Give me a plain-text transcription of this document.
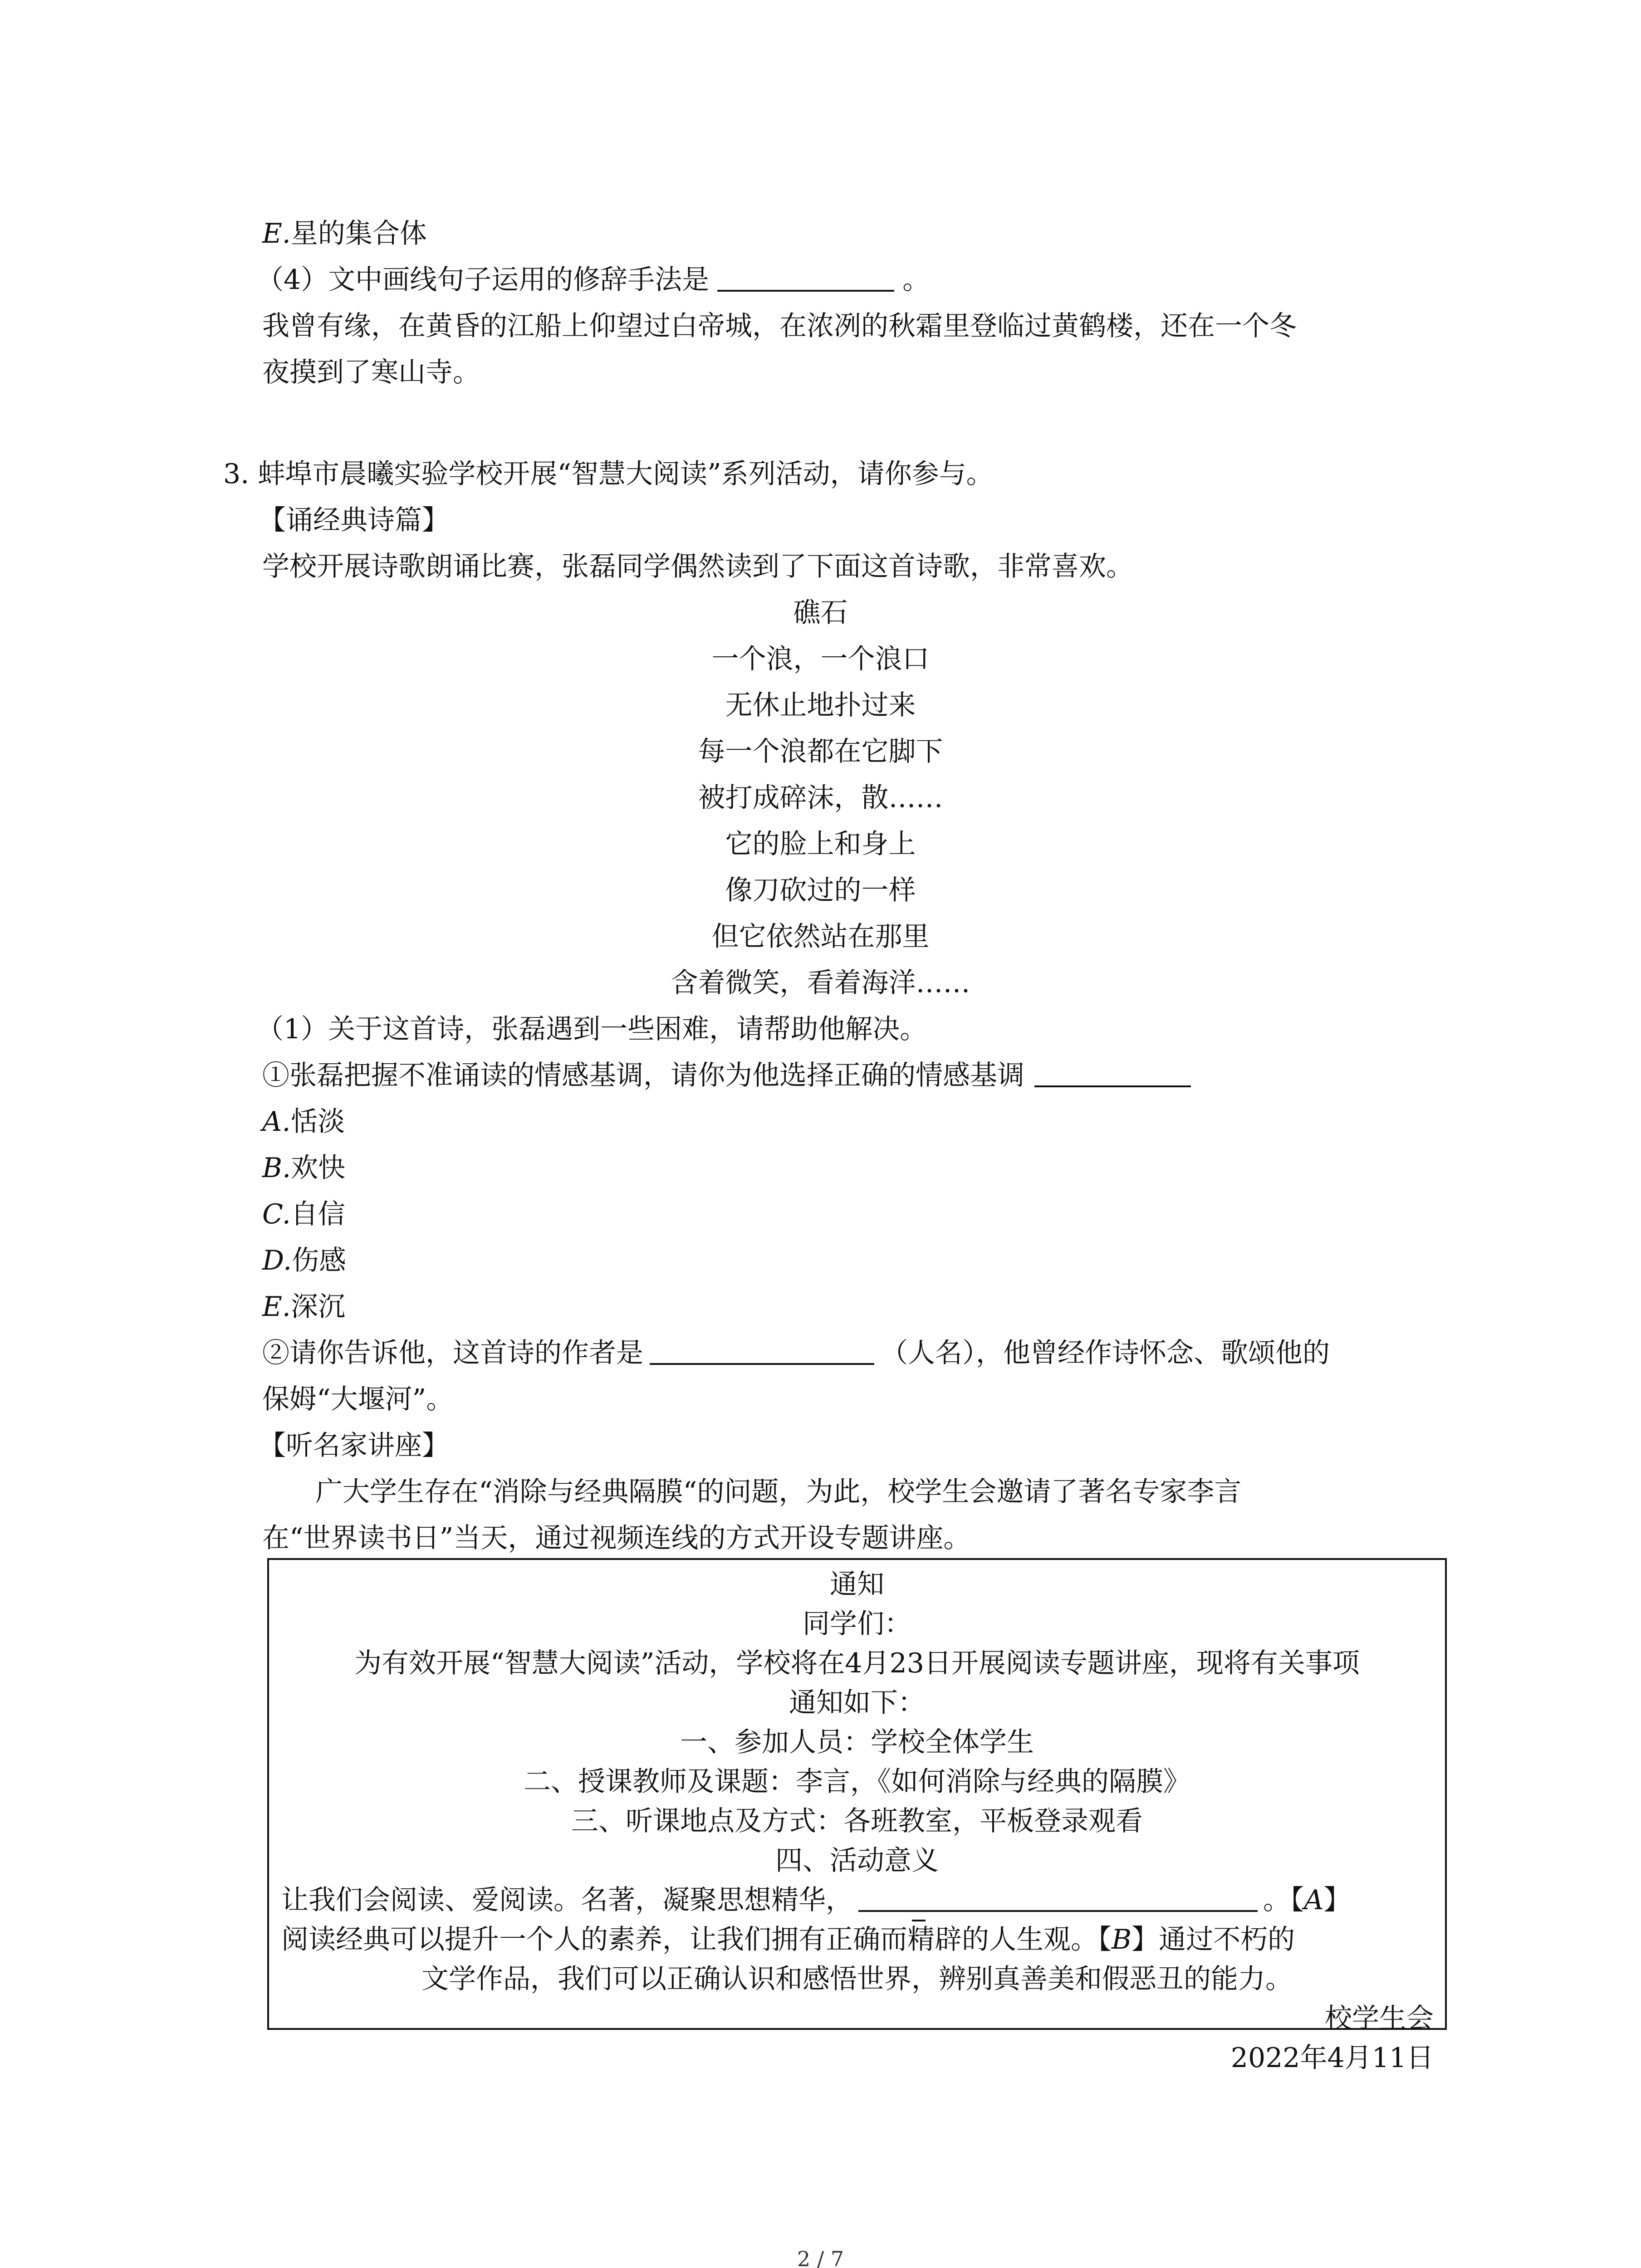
E.星的集合体
（4）文中画线句子运用的修辞手法是	。
我曾有缘，在黄昏的江船上仰望过白帝城，在浓冽的秋霜里登临过黄鹤楼，还在一个冬
夜摸到了寒山寺。
3. 蚌埠市晨曦实验学校开展“智慧大阅读”系列活动，请你参与。
【诵经典诗篇】
学校开展诗歌朗诵比赛，张磊同学偶然读到了下面这首诗歌，非常喜欢。
礁石
一个浪，一个浪口
无休止地扑过来
每一个浪都在它脚下
被打成碎沫，散……
它的脸上和身上
像刀砍过的一样
但它依然站在那里
含着微笑，看着海洋……
（1）关于这首诗，张磊遇到一些困难，请帮助他解决。
①张磊把握不准诵读的情感基调，请你为他选择正确的情感基调
A.恬淡
B.欢快
C.自信
D.伤感
E.深沉
②请你告诉他，这首诗的作者是	（人名），他曾经作诗怀念、歌颂他的
保姆“大堰河”。
【听名家讲座】
广大学生存在“消除与经典隔膜“的问题，为此，校学生会邀请了著名专家李言
在“世界读书日”当天，通过视频连线的方式开设专题讲座。
通知
同学们：
为有效开展“智慧大阅读”活动，学校将在4月23日开展阅读专题讲座，现将有关事项
通知如下：
一、参加人员：学校全体学生
二、授课教师及课题：李言，《如何消除与经典的隔膜》
三、听课地点及方式：各班教室，平板登录观看
四、活动意义
让我们会阅读、爱阅读。名著，凝聚思想精华，	。【A】
阅读经典可以提升一个人的素养，让我们拥有正确而精辟的人生观。【B】通过不朽的
文学作品，我们可以正确认识和感悟世界，辨别真善美和假恶丑的能力。
校学生会
2022年4月11日
2 / 7
